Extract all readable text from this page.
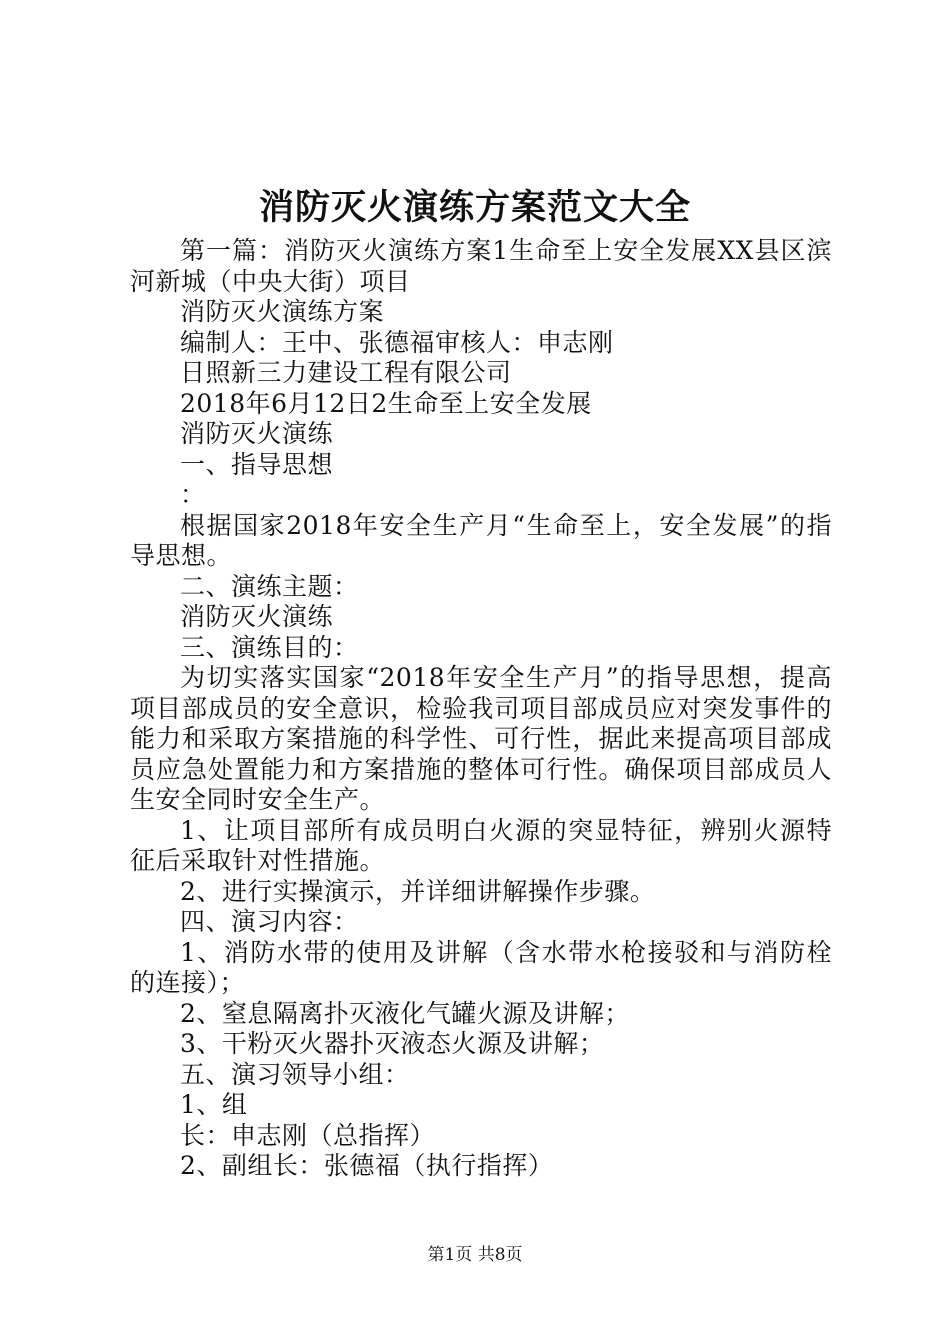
消防灭火演练方案范文大全

第一篇：消防灭火演练方案1生命至上安全发展XX县区滨河新城（中央大街）项目

消防灭火演练方案

编制人：王中、张德福审核人：申志刚

日照新三力建设工程有限公司

2018年6月12日2生命至上安全发展

消防灭火演练

一、指导思想

：

根据国家2018年安全生产月“生命至上，安全发展”的指导思想。

二、演练主题：

消防灭火演练

三、演练目的：

为切实落实国家“2018年安全生产月”的指导思想，提高项目部成员的安全意识，检验我司项目部成员应对突发事件的能力和采取方案措施的科学性、可行性，据此来提高项目部成员应急处置能力和方案措施的整体可行性。确保项目部成员人生安全同时安全生产。

1、让项目部所有成员明白火源的突显特征，辨别火源特征后采取针对性措施。

2、进行实操演示，并详细讲解操作步骤。

四、演习内容：

1、消防水带的使用及讲解（含水带水枪接驳和与消防栓的连接）；

2、窒息隔离扑灭液化气罐火源及讲解；

3、干粉灭火器扑灭液态火源及讲解；

五、演习领导小组：

1、组

长：申志刚（总指挥）

2、副组长：张德福（执行指挥）

第1页 共8页
